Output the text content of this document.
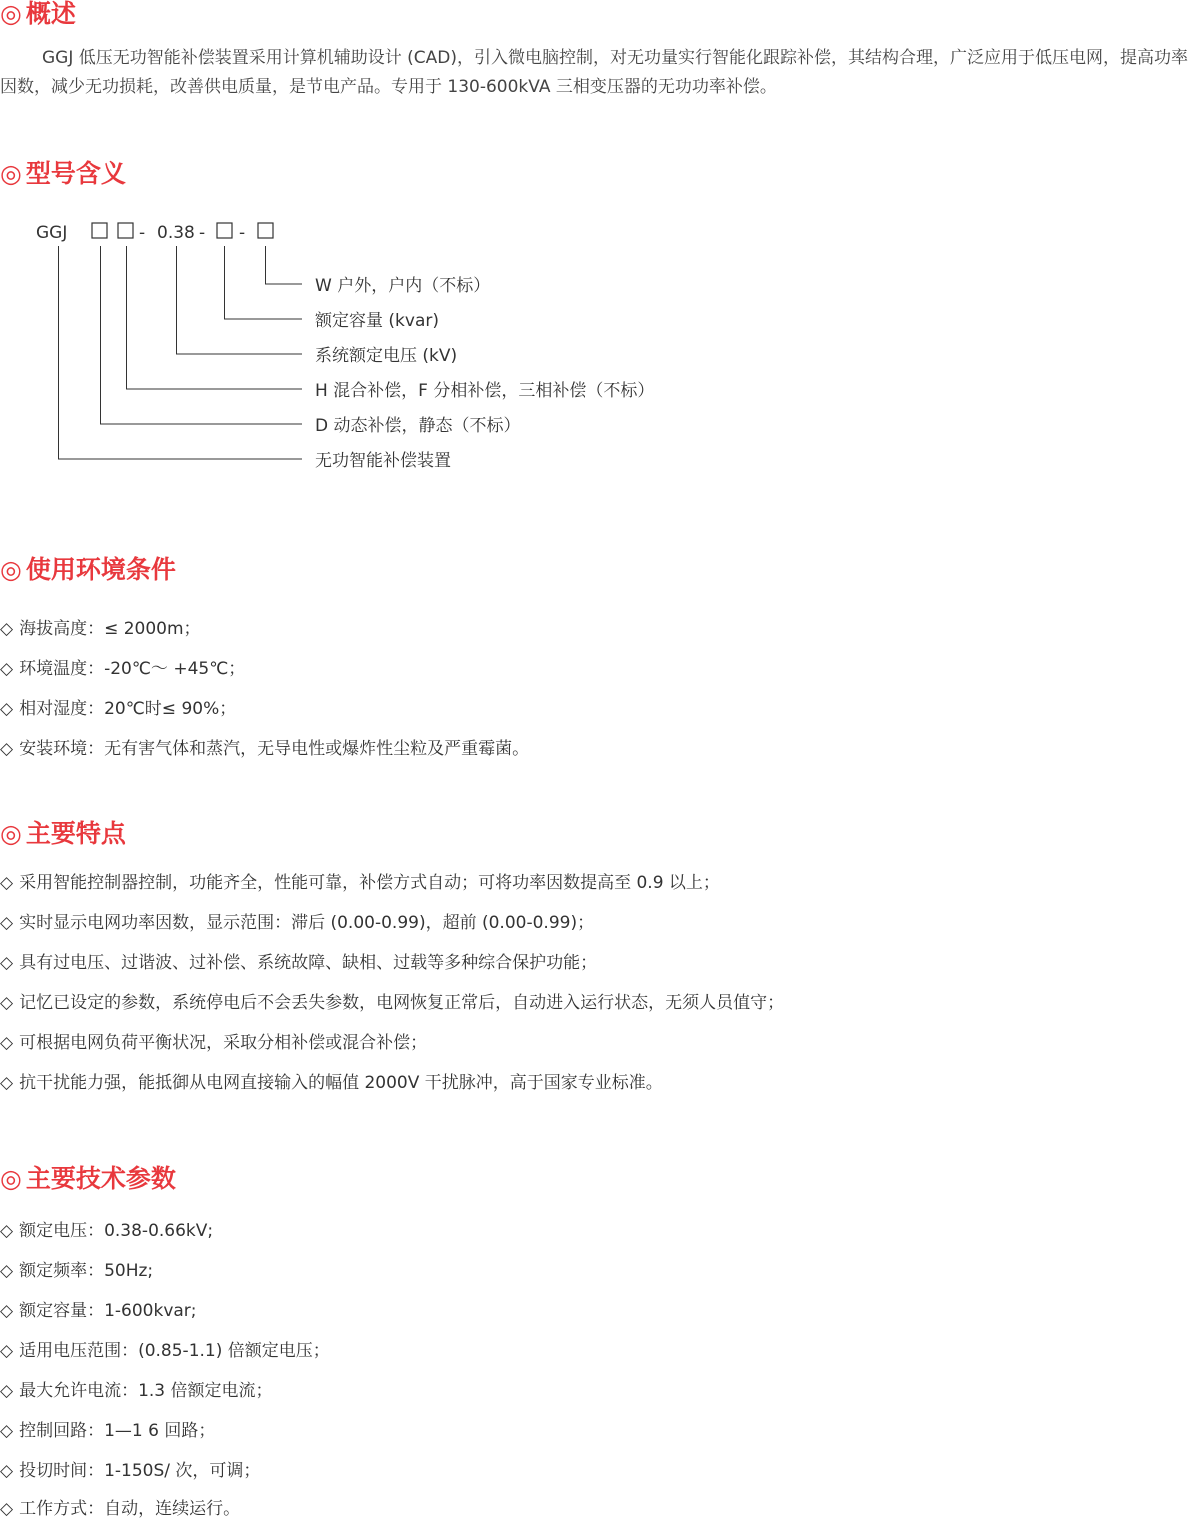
◎ 概述

GGJ 低压无功智能补偿装置采用计算机辅助设计 (CAD)，引入微电脑控制，对无功量实行智能化跟踪补偿，其结构合理，广泛应用于低压电网，提高功率因数，减少无功损耗，改善供电质量，是节电产品。专用于 130-600kVA 三相变压器的无功功率补偿。

◎ 型号含义
GGJ	- 0.38 - -
W 户外，户内（不标）
额定容量 (kvar)
系统额定电压 (kV)
H 混合补偿，F 分相补偿，三相补偿（不标）
D 动态补偿，静态（不标）
无功智能补偿装置
◎ 使用环境条件
◇ 海拔高度：≤ 2000m；
◇ 环境温度：-20℃～ +45℃；
◇ 相对湿度：20℃时≤ 90%；
◇ 安装环境：无有害气体和蒸汽，无导电性或爆炸性尘粒及严重霉菌。
◎ 主要特点
◇ 采用智能控制器控制，功能齐全，性能可靠，补偿方式自动；可将功率因数提高至 0.9 以上；
◇ 实时显示电网功率因数，显示范围：滞后 (0.00-0.99)，超前 (0.00-0.99)；
◇ 具有过电压、过谐波、过补偿、系统故障、缺相、过载等多种综合保护功能；
◇ 记忆已设定的参数，系统停电后不会丢失参数，电网恢复正常后，自动进入运行状态，无须人员值守；
◇ 可根据电网负荷平衡状况，采取分相补偿或混合补偿；
◇ 抗干扰能力强，能抵御从电网直接输入的幅值 2000V 干扰脉冲，高于国家专业标准。
◎ 主要技术参数
◇ 额定电压：0.38-0.66kV;
◇ 额定频率：50Hz;
◇ 额定容量：1-600kvar;
◇ 适用电压范围：(0.85-1.1) 倍额定电压；
◇ 最大允许电流：1.3 倍额定电流；
◇ 控制回路：1—1 6 回路；
◇ 投切时间：1-150S/ 次，可调；
◇ 工作方式：自动，连续运行。
